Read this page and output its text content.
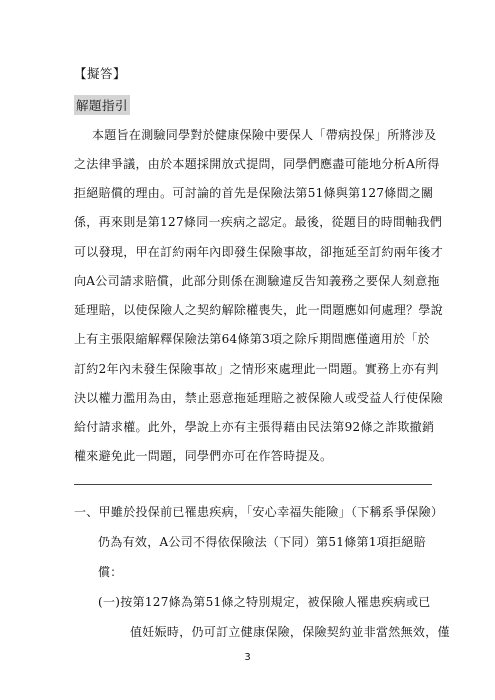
【擬答】
解題指引
本題旨在測驗同學對於健康保險中要保人「帶病投保」所將涉及
之法律爭議，由於本題採開放式提問，同學們應盡可能地分析A所得
拒絕賠償的理由。可討論的首先是保險法第51條與第127條間之關
係，再來則是第127條同一疾病之認定。最後，從題目的時間軸我們
可以發現，甲在訂約兩年內即發生保險事故，卻拖延至訂約兩年後才
向A公司請求賠償，此部分則係在測驗違反告知義務之要保人刻意拖
延理賠，以使保險人之契約解除權喪失，此一問題應如何處理？學說
上有主張限縮解釋保險法第64條第3項之除斥期間應僅適用於「於
訂約2年內未發生保險事故」之情形來處理此一問題。實務上亦有判
決以權力濫用為由，禁止惡意拖延理賠之被保險人或受益人行使保險
給付請求權。此外，學說上亦有主張得藉由民法第92條之詐欺撤銷
權來避免此一問題，同學們亦可在作答時提及。
一、甲雖於投保前已罹患疾病，「安心幸福失能險」（下稱系爭保險）
仍為有效，A公司不得依保險法（下同）第51條第1項拒絕賠
償：
(一)按第127條為第51條之特別規定，被保險人罹患疾病或已
值妊娠時，仍可訂立健康保險，保險契約並非當然無效，僅
3
